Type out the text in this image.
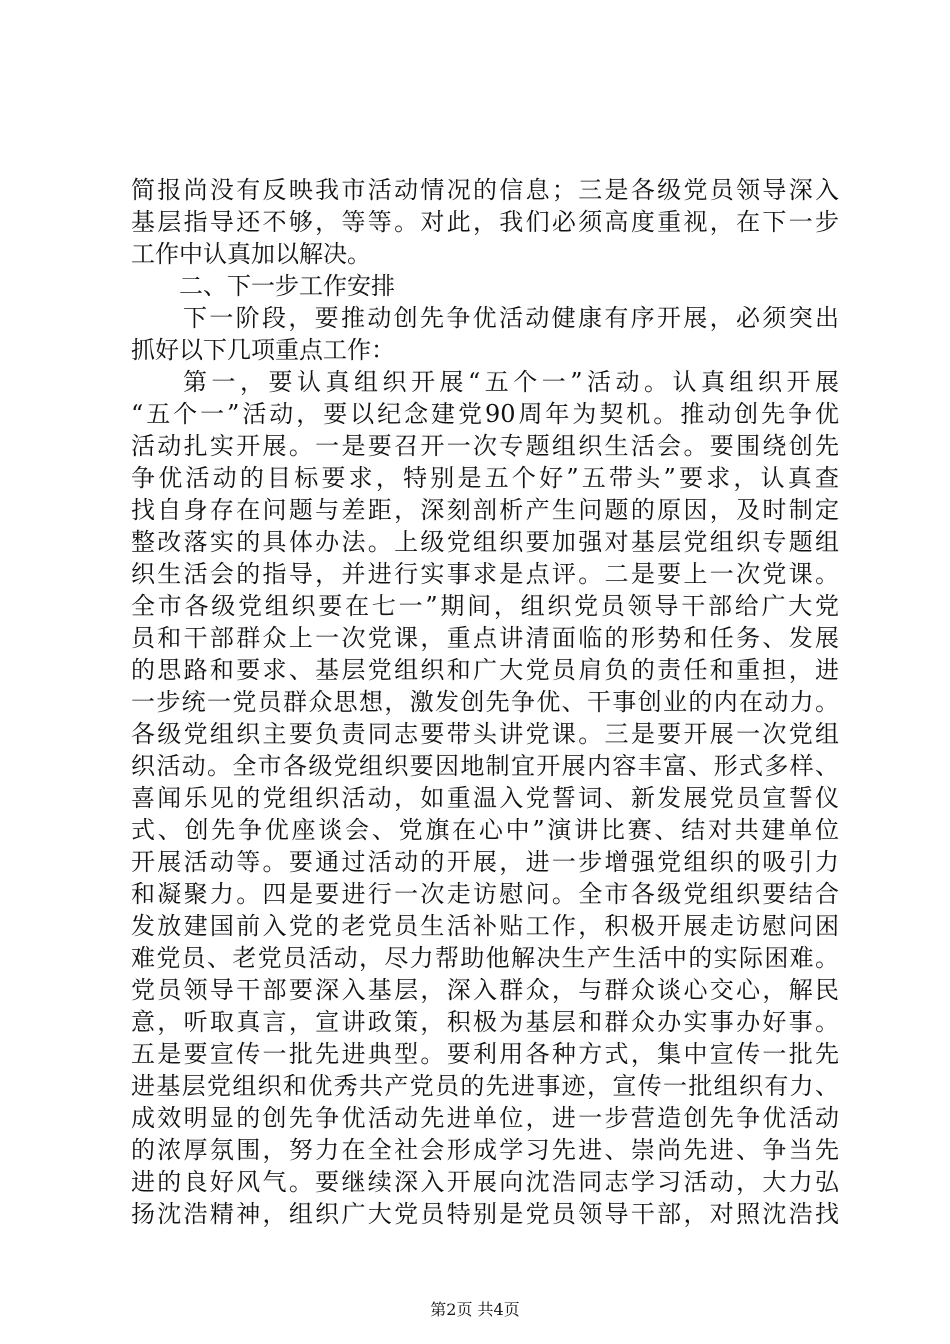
简报尚没有反映我市活动情况的信息；三是各级党员领导深入
基层指导还不够，等等。对此，我们必须高度重视，在下一步
工作中认真加以解决。
二、下一步工作安排
下一阶段，要推动创先争优活动健康有序开展，必须突出
抓好以下几项重点工作：
第一，要认真组织开展“五个一”活动。认真组织开展
“五个一”活动，要以纪念建党90周年为契机。推动创先争优
活动扎实开展。一是要召开一次专题组织生活会。要围绕创先
争优活动的目标要求，特别是五个好”五带头”要求，认真查
找自身存在问题与差距，深刻剖析产生问题的原因，及时制定
整改落实的具体办法。上级党组织要加强对基层党组织专题组
织生活会的指导，并进行实事求是点评。二是要上一次党课。
全市各级党组织要在七一”期间，组织党员领导干部给广大党
员和干部群众上一次党课，重点讲清面临的形势和任务、发展
的思路和要求、基层党组织和广大党员肩负的责任和重担，进
一步统一党员群众思想，激发创先争优、干事创业的内在动力。
各级党组织主要负责同志要带头讲党课。三是要开展一次党组
织活动。全市各级党组织要因地制宜开展内容丰富、形式多样、
喜闻乐见的党组织活动，如重温入党誓词、新发展党员宣誓仪
式、创先争优座谈会、党旗在心中”演讲比赛、结对共建单位
开展活动等。要通过活动的开展，进一步增强党组织的吸引力
和凝聚力。四是要进行一次走访慰问。全市各级党组织要结合
发放建国前入党的老党员生活补贴工作，积极开展走访慰问困
难党员、老党员活动，尽力帮助他解决生产生活中的实际困难。
党员领导干部要深入基层，深入群众，与群众谈心交心，解民
意，听取真言，宣讲政策，积极为基层和群众办实事办好事。
五是要宣传一批先进典型。要利用各种方式，集中宣传一批先
进基层党组织和优秀共产党员的先进事迹，宣传一批组织有力、
成效明显的创先争优活动先进单位，进一步营造创先争优活动
的浓厚氛围，努力在全社会形成学习先进、崇尚先进、争当先
进的良好风气。要继续深入开展向沈浩同志学习活动，大力弘
扬沈浩精神，组织广大党员特别是党员领导干部，对照沈浩找
第2页 共4页
